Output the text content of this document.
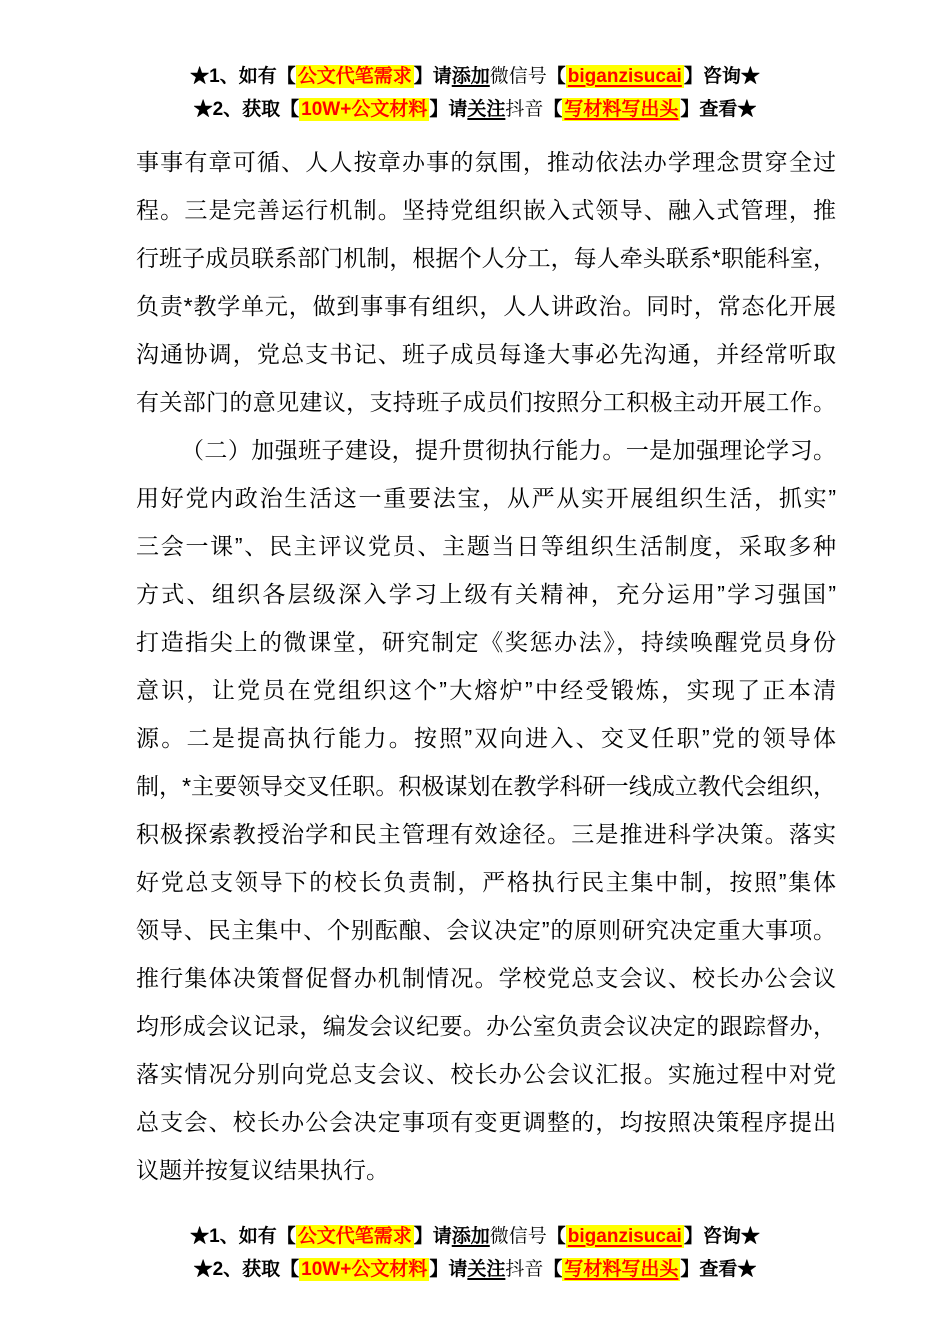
★1、如有【 公文代笔需求 】请添加微信号【 biganzisucai 】咨询★
★2、获取【 10W+公文材料 】请关注抖音【 写材料写出头 】查看★
事事有章可循、人人按章办事的氛围，推动依法办学理念贯穿全过
程。三是完善运行机制。坚持党组织嵌入式领导、融入式管理，推
行班子成员联系部门机制，根据个人分工，每人牵头联系*职能科室，
负责*教学单元，做到事事有组织，人人讲政治。同时，常态化开展
沟通协调，党总支书记、班子成员每逢大事必先沟通，并经常听取
有关部门的意见建议，支持班子成员们按照分工积极主动开展工作。
（二）加强班子建设，提升贯彻执行能力。一是加强理论学习。
用好党内政治生活这一重要法宝，从严从实开展组织生活，抓实”
三会一课”、民主评议党员、主题当日等组织生活制度，采取多种
方式、组织各层级深入学习上级有关精神，充分运用”学习强国”
打造指尖上的微课堂，研究制定《奖惩办法》，持续唤醒党员身份
意识，让党员在党组织这个”大熔炉”中经受锻炼，实现了正本清
源。二是提高执行能力。按照”双向进入、交叉任职”党的领导体
制，*主要领导交叉任职。积极谋划在教学科研一线成立教代会组织，
积极探索教授治学和民主管理有效途径。三是推进科学决策。落实
好党总支领导下的校长负责制，严格执行民主集中制，按照”集体
领导、民主集中、个别酝酿、会议决定”的原则研究决定重大事项。
推行集体决策督促督办机制情况。学校党总支会议、校长办公会议
均形成会议记录，编发会议纪要。办公室负责会议决定的跟踪督办，
落实情况分别向党总支会议、校长办公会议汇报。实施过程中对党
总支会、校长办公会决定事项有变更调整的，均按照决策程序提出
议题并按复议结果执行。
★1、如有【 公文代笔需求 】请添加微信号【 biganzisucai 】咨询★
★2、获取【 10W+公文材料 】请关注抖音【 写材料写出头 】查看★
